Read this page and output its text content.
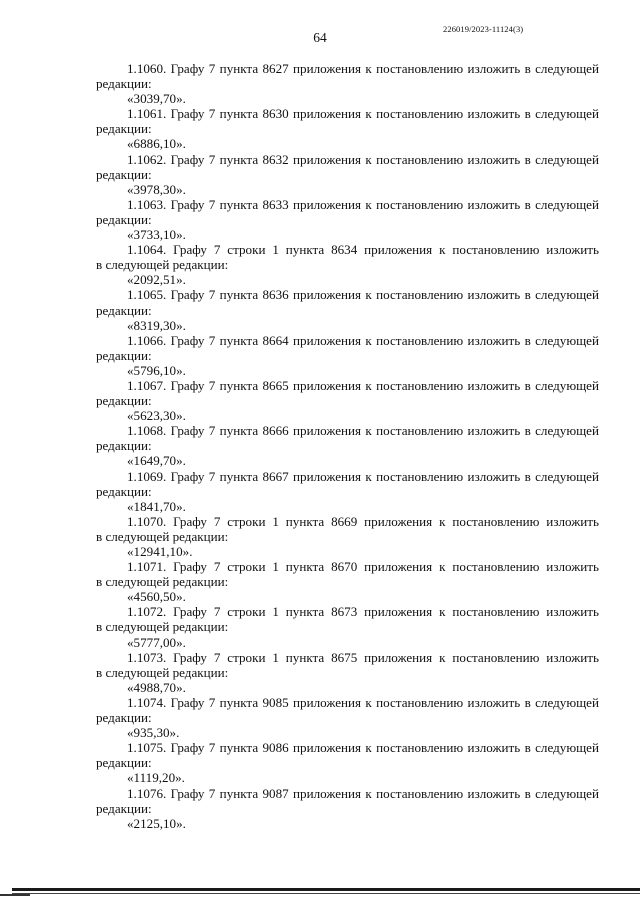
226019/2023-11124(3)
64

1.1060. Графу 7 пункта 8627 приложения к постановлению изложить в следующей

редакции:

«3039,70».

1.1061. Графу 7 пункта 8630 приложения к постановлению изложить в следующей

редакции:

«6886,10».

1.1062. Графу 7 пункта 8632 приложения к постановлению изложить в следующей

редакции:

«3978,30».

1.1063. Графу 7 пункта 8633 приложения к постановлению изложить в следующей

редакции:

«3733,10».

1.1064. Графу 7 строки 1 пункта 8634 приложения к постановлению изложить

в следующей редакции:

«2092,51».

1.1065. Графу 7 пункта 8636 приложения к постановлению изложить в следующей

редакции:

«8319,30».

1.1066. Графу 7 пункта 8664 приложения к постановлению изложить в следующей

редакции:

«5796,10».

1.1067. Графу 7 пункта 8665 приложения к постановлению изложить в следующей

редакции:

«5623,30».

1.1068. Графу 7 пункта 8666 приложения к постановлению изложить в следующей

редакции:

«1649,70».

1.1069. Графу 7 пункта 8667 приложения к постановлению изложить в следующей

редакции:

«1841,70».

1.1070. Графу 7 строки 1 пункта 8669 приложения к постановлению изложить

в следующей редакции:

«12941,10».

1.1071. Графу 7 строки 1 пункта 8670 приложения к постановлению изложить

в следующей редакции:

«4560,50».

1.1072. Графу 7 строки 1 пункта 8673 приложения к постановлению изложить

в следующей редакции:

«5777,00».

1.1073. Графу 7 строки 1 пункта 8675 приложения к постановлению изложить

в следующей редакции:

«4988,70».

1.1074. Графу 7 пункта 9085 приложения к постановлению изложить в следующей

редакции:

«935,30».

1.1075. Графу 7 пункта 9086 приложения к постановлению изложить в следующей

редакции:

«1119,20».

1.1076. Графу 7 пункта 9087 приложения к постановлению изложить в следующей

редакции:

«2125,10».
